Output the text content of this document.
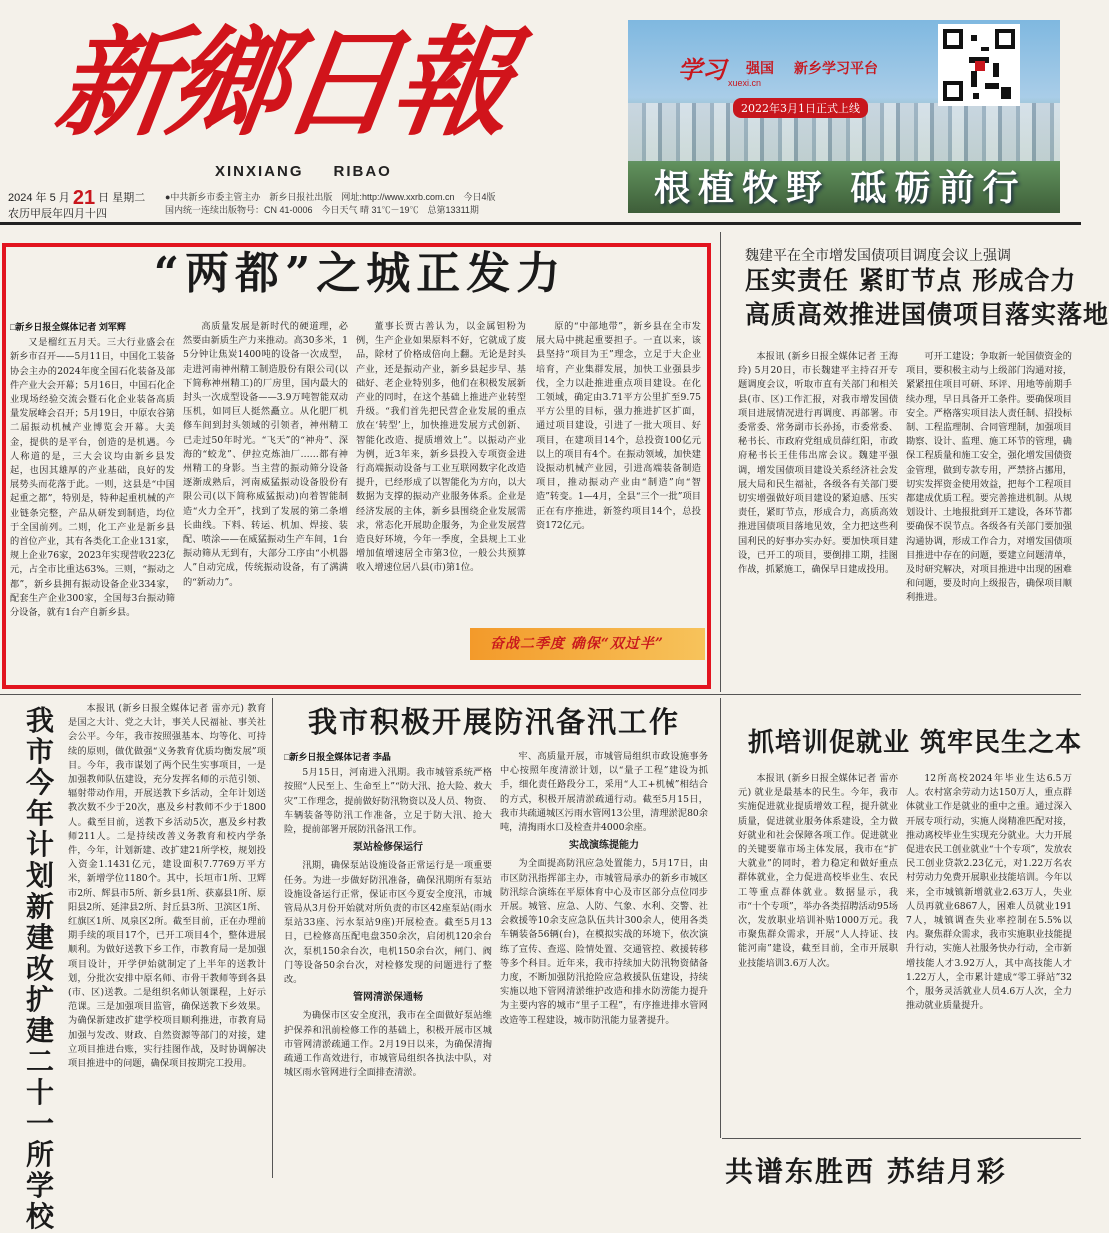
新鄉日報
XINXIANG RIBAO
学习 强国
xuexi.cn
新乡学习平台
2022年3月1日正式上线
根植牧野 砥砺前行
2024 年 5 月 21 日 星期二
农历甲辰年四月十四
●中共新乡市委主管主办　新乡日报社出版　网址:http://www.xxrb.com.cn　今日4版
国内统一连续出版物号：CN 41-0006　今日天气 晴 31℃－19℃　总第13311期
“两都”之城正发力
□新乡日报全媒体记者 刘军辉

又是榴红五月天。三大行业盛会在新乡市召开——5月11日，中国化工装备协会主办的2024年度全国石化装备及部件产业大会开幕；5月16日，中国石化企业现场经验交流会暨石化企业装备高质量发展峰会召开；5月19日，中原农谷第二届振动机械产业博览会开幕。大美金，提供的是平台，创造的是机遇。今人称道的是，三大会议均由新乡县发起，也因其雄厚的产业基础，良好的发展势头而花落于此。一则，这县是“中国起重之都”，特别是，特种起重机械的产业链条完整，产品从研发到制造，均位于全国前列。二则，化工产业是新乡县的首位产业，其有各类化工企业131家，规上企业76家，2023年实现营收223亿元，占全市比重达63%。三则，“振动之都”，新乡县拥有振动设备企业334家，配套生产企业300家，全国每3台振动筛分设备，就有1台产自新乡县。

高质量发展是新时代的硬道理，必然要由新质生产力来推动。高30多米，15分钟让焦炭1400吨的设备一次成型，走进河南神州精工制造股份有限公司(以下简称神州精工)的厂房里，国内最大的封头一次成型设备——3.9万吨智能双动压机，如同巨人挺然矗立。从化肥厂机修车间到封头领域的引领者，神州精工已走过50年时光。“飞天”的“神舟”、深海的“蛟龙”、伊拉克炼油厂……都有神州精工的身影。当主营的振动筛分设备逐渐成熟后，河南威猛振动设备股份有限公司(以下简称威猛振动)向着智能制造“火力全开”，找到了发展的第二条增长曲线。下料、转运、机加、焊接、装配、喷涂——在威猛振动生产车间，1台振动筛从无到有，大部分工序由“小机器人”自动完成，传统振动设备，有了满满的“新动力”。

董事长贾古善认为，以金属钽粉为例，生产企业如果原料不好，它就成了废品，除材了价格成倍向上翻。无论是封头产业，还是振动产业，新乡县起步早、基础好、老企业特别多，他们在积极发展新产业的同时，在这个基础上推进产业转型升级。“我们首先把民营企业发展的重点放在‘转型’上，加快推进发展方式创新、智能化改造、提质增效上”。以振动产业为例，近3年来，新乡县投入专项资金进行高端振动设备与工业互联网数字化改造提升，已经形成了以智能化为方向，以大数据为支撑的振动产业服务体系。企业是经济发展的主体，新乡县围绕企业发展需求，常态化开展助企服务，为企业发展营造良好环境，今年一季度，全县规上工业增加值增速居全市第3位，一般公共预算收入增速位居八县(市)第1位。

原的“中部地带”，新乡县在全市发展大局中挑起重要担子。一直以来，该县坚持“项目为王”理念，立足于大企业培育，产业集群发展，加快工业强县步伐，全力以赴推进重点项目建设。在化工领域，确定由3.71平方公里扩至9.75平方公里的目标，强力推进扩区扩面，通过项目建设，引进了一批大项目、好项目，在建项目14个，总投资100亿元以上的项目有4个。在振动领域，加快建设振动机械产业园，引进高端装备制造项目，推动振动产业由“制造”向“智造”转变。1—4月，全县“三个一批”项目正在有序推进，新签约项目14个，总投资172亿元。

奋战二季度 确保“双过半”
魏建平在全市增发国债项目调度会议上强调
压实责任 紧盯节点 形成合力
高质高效推进国债项目落实落地

本报讯 (新乡日报全媒体记者 王海玲) 5月20日，市长魏建平主持召开专题调度会议，听取市直有关部门和相关县(市、区)工作汇报，对我市增发国债项目进展情况进行再调度、再部署。市委常委、常务副市长孙扬，市委常委、秘书长、市政府党组成员薛红阳，市政府秘书长王佳伟出席会议。魏建平强调，增发国债项目建设关系经济社会发展大局和民生福祉，各级各有关部门要切实增强做好项目建设的紧迫感、压实责任，紧盯节点，形成合力，高质高效推进国债项目落地见效，全力把这些利国利民的好事办实办好。要加快项目建设，已开工的项目，要倒排工期，挂图作战，抓紧施工，确保早日建成投用。

可开工建设；争取新一轮国债资金的项目，要积极主动与上级部门沟通对接，紧紧扭住项目可研、环评、用地等前期手续办理，早日具备开工条件。要确保项目安全。严格落实项目法人责任制、招投标制、工程监理制、合同管理制，加强项目勘察、设计、监理、施工环节的管理，确保工程质量和施工安全，强化增发国债资金管理，做到专款专用，严禁挤占挪用，切实发挥资金使用效益，把每个工程项目都建成优质工程。要完善推进机制。从规划设计、土地报批到开工建设，各环节都要确保不误节点。各级各有关部门要加强沟通协调，形成工作合力，对增发国债项目推进中存在的问题，要建立问题清单，及时研究解决，对项目推进中出现的困难和问题，要及时向上级报告，确保项目顺利推进。

我市今年计划新建改扩建二十一所学校

本报讯 (新乡日报全媒体记者 雷亦元) 教育是国之大计、党之大计，事关人民福祉、事关社会公平。今年，我市按照强基本、均等化、可持续的原则，做优做强“义务教育优质均衡发展”项目。今年，我市谋划了两个民生实事项目，一是加强教师队伍建设，充分发挥名师的示范引领、辐射带动作用，开展送教下乡活动，全年计划送教次数不少于20次，惠及乡村教师不少于1800人。截至目前，送教下乡活动5次，惠及乡村教师211人。二是持续改善义务教育和校内学条件，今年，计划新建、改扩建21所学校，规划投入资金1.1431亿元，建设面积7.7769万平方米，新增学位1180个。其中，长垣市1所、卫辉市2所、辉县市5所、新乡县1所、获嘉县1所、原阳县2所、延津县2所、封丘县3所、卫滨区1所、红旗区1所、凤泉区2所。截至目前，正在办理前期手续的项目17个，已开工项目4个，整体进展顺利。为做好送教下乡工作，市教育局一是加强项目设计，开学伊始就制定了上半年的送教计划，分批次安排中原名师、市骨干教师等到各县(市、区)送教。二是组织名师认领课程，上好示范课。三是加强项目监管，确保送教下乡效果。为确保新建改扩建学校项目顺利推进，市教育局加强与发改、财政、自然资源等部门的对接，建立项目推进台账，实行挂图作战，及时协调解决项目推进中的问题，确保项目按期完工投用。

我市积极开展防汛备汛工作
□新乡日报全媒体记者 李晶

5月15日，河南进入汛期。我市城管系统严格按照“人民至上、生命至上”“防大汛、抢大险、救大灾”工作理念，提前做好防汛物资以及人员、物资、车辆装备等防汛工作准备，立足于防大汛、抢大险，提前部署开展防汛备汛工作。

泵站检修保运行

汛期，确保泵站设施设备正常运行是一项重要任务。为进一步做好防汛准备，确保汛期所有泵站设施设备运行正常，保证市区今夏安全度汛，市城管局从3月份开始就对所负责的市区42座泵站(雨水泵站33座、污水泵站9座)开展检查。截至5月13日，已检修高压配电盘350余次，启闭机120余台次，泵机150余台次，电机150余台次，闸门、阀门等设备50余台次，对检修发现的问题进行了整改。

管网清淤保通畅

为确保市区安全度汛，我市在全面做好泵站维护保养和汛前检修工作的基础上，积极开展市区城市管网清淤疏通工作。2月19日以来，为确保清掏疏通工作高效进行，市城管局组织各执法中队，对城区雨水管网进行全面排查清淤。

牢、高质量开展，市城管局组织市政设施事务中心按照年度清淤计划，以“量子工程”建设为抓手，细化责任路段分工，采用“人工+机械”相结合的方式，积极开展清淤疏通行动。截至5月15日，我市共疏通城区污雨水管网13公里，清理淤泥80余吨，清掏雨水口及检查井4000余座。

实战演练提能力

为全面提高防汛应急处置能力，5月17日，由市区防汛指挥部主办，市城管局承办的新乡市城区防汛综合演练在平原体育中心及市区部分点位同步开展。城管、应急、人防、气象、水利、交警、社会救援等10余支应急队伍共计300余人，使用各类车辆装备56辆(台)，在模拟实战的环境下，依次演练了宣传、查巡、险情处置、交通管控、救援转移等多个科目。近年来，我市持续加大防汛物资储备力度，不断加强防汛抢险应急救援队伍建设，持续实施以地下管网清淤维护改造和排水防涝能力提升为主要内容的城市“里子工程”，有序推进排水管网改造等工程建设，城市防汛能力显著提升。

抓培训促就业 筑牢民生之本

本报讯 (新乡日报全媒体记者 雷亦元) 就业是最基本的民生。今年，我市实施促进就业提质增效工程，提升就业质量，促进就业服务体系建设，全力做好就业和社会保障各项工作。促进就业的关键要靠市场主体发展，我市在“扩大就业”的同时，着力稳定和做好重点群体就业，全力促进高校毕业生、农民工等重点群体就业。数据显示，我市“十个专项”，举办各类招聘活动95场次，发放职业培训补贴1000万元。我市聚焦群众需求，开展“人人持证、技能河南”建设，截至目前，全市开展职业技能培训3.6万人次。

12所高校2024年毕业生达6.5万人。农村富余劳动力达150万人，重点群体就业工作是就业的重中之重。通过深入开展专项行动，实施人岗精准匹配对接，推动离校毕业生实现充分就业。大力开展促进农民工创业就业“十个专项”，发放农民工创业贷款2.23亿元，对1.22万名农村劳动力免费开展职业技能培训。今年以来，全市城镇新增就业2.63万人，失业人员再就业6867人，困难人员就业1917人，城镇调查失业率控制在5.5%以内。聚焦群众需求，我市实施职业技能提升行动，实施人社服务快办行动，全市新增技能人才3.92万人，其中高技能人才1.22万人，全市累计建成“零工驿站”32个，服务灵活就业人员4.6万人次，全力推动就业质量提升。

共谱东胜西 苏结月彩
